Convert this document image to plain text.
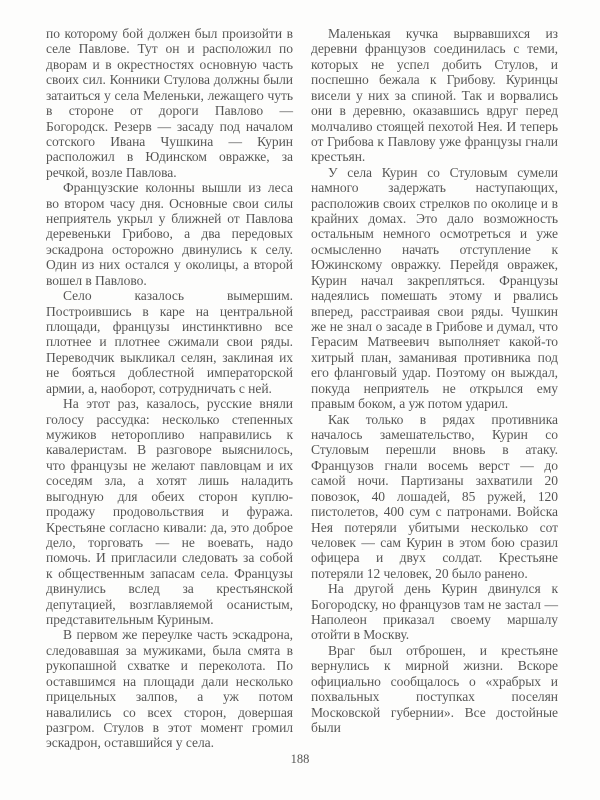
по которому бой должен был произойти в селе Павлове. Тут он и расположил по дворам и в окрестностях основную часть своих сил. Конники Стулова должны были затаиться у села Меленьки, лежащего чуть в стороне от дороги Павлово — Богородск. Резерв — засаду под началом сотского Ивана Чушкина — Курин расположил в Юдинском овражке, за речкой, возле Павлова.

Французские колонны вышли из леса во втором часу дня. Основные свои силы неприятель укрыл у ближней от Павлова деревеньки Грибово, а два передовых эскадрона осторожно двинулись к селу. Один из них остался у околицы, а второй вошел в Павлово.

Село казалось вымершим. Построившись в каре на центральной площади, французы инстинктивно все плотнее и плотнее сжимали свои ряды. Переводчик выкликал селян, заклиная их не бояться доблестной императорской армии, а, наоборот, сотрудничать с ней.

На этот раз, казалось, русские вняли голосу рассудка: несколько степенных мужиков неторопливо направились к кавалеристам. В разговоре выяснилось, что французы не желают павловцам и их соседям зла, а хотят лишь наладить выгодную для обеих сторон куплю-продажу продовольствия и фуража. Крестьяне согласно кивали: да, это доброе дело, торговать — не воевать, надо помочь. И пригласили следовать за собой к общественным запасам села. Французы двинулись вслед за крестьянской депутацией, возглавляемой осанистым, представительным Куриным.

В первом же переулке часть эскадрона, следовавшая за мужиками, была смята в рукопашной схватке и переколота. По оставшимся на площади дали несколько прицельных залпов, а уж потом навалились со всех сторон, довершая разгром. Стулов в этот момент громил эскадрон, оставшийся у села.

Маленькая кучка вырвавшихся из деревни французов соединилась с теми, которых не успел добить Стулов, и поспешно бежала к Грибову. Куринцы висели у них за спиной. Так и ворвались они в деревню, оказавшись вдруг перед молчаливо стоящей пехотой Нея. И теперь от Грибова к Павлову уже французы гнали крестьян.

У села Курин со Стуловым сумели намного задержать наступающих, расположив своих стрелков по околице и в крайних домах. Это дало возможность остальным немного осмотреться и уже осмысленно начать отступление к Южинскому овражку. Перейдя овражек, Курин начал закрепляться. Французы надеялись помешать этому и рвались вперед, расстраивая свои ряды. Чушкин же не знал о засаде в Грибове и думал, что Герасим Матвеевич выполняет какой-то хитрый план, заманивая противника под его фланговый удар. Поэтому он выждал, покуда неприятель не открылся ему правым боком, а уж потом ударил.

Как только в рядах противника началось замешательство, Курин со Стуловым перешли вновь в атаку. Французов гнали восемь верст — до самой ночи. Партизаны захватили 20 повозок, 40 лошадей, 85 ружей, 120 пистолетов, 400 сум с патронами. Войска Нея потеряли убитыми несколько сот человек — сам Курин в этом бою сразил офицера и двух солдат. Крестьяне потеряли 12 человек, 20 было ранено.

На другой день Курин двинулся к Богородску, но французов там не застал — Наполеон приказал своему маршалу отойти в Москву.

Враг был отброшен, и крестьяне вернулись к мирной жизни. Вскоре официально сообщалось о «храбрых и похвальных поступках поселян Московской губернии». Все достойные были

188
